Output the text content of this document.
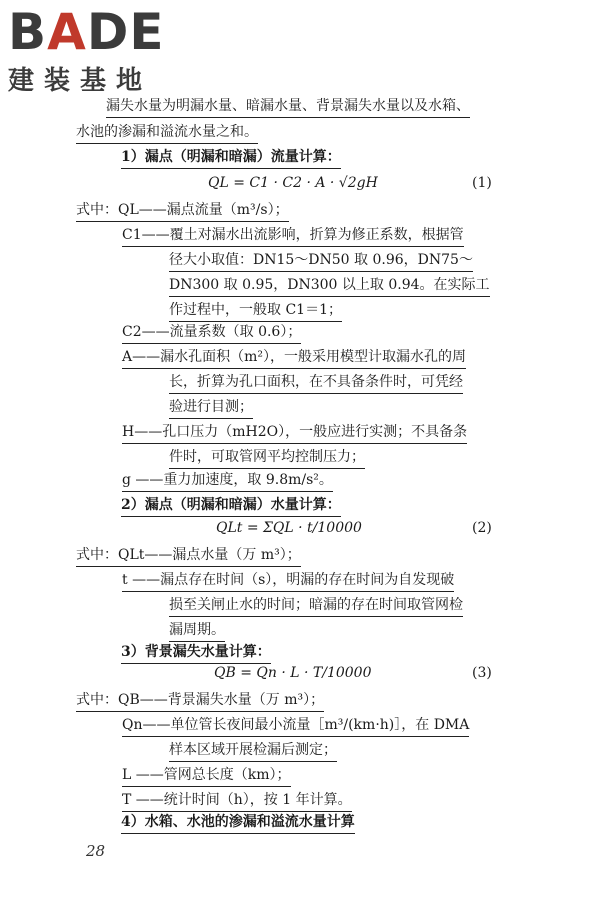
BADE
建装基地
漏失水量为明漏水量、暗漏水量、背景漏失水量以及水箱、
水池的渗漏和溢流水量之和。
1）漏点（明漏和暗漏）流量计算：
QL = C1 · C2 · A · √2gH	(1)
式中：QL——漏点流量（m³/s）；
C1——覆土对漏水出流影响，折算为修正系数，根据管
径大小取值：DN15～DN50 取 0.96，DN75～
DN300 取 0.95，DN300 以上取 0.94。在实际工
作过程中，一般取 C1＝1；
C2——流量系数（取 0.6）；
A——漏水孔面积（m²），一般采用模型计取漏水孔的周
长，折算为孔口面积，在不具备条件时，可凭经
验进行目测；
H——孔口压力（mH2O），一般应进行实测；不具备条
件时，可取管网平均控制压力；
g ——重力加速度，取 9.8m/s²。
2）漏点（明漏和暗漏）水量计算：
QLt = ΣQL · t/10000	(2)
式中：QLt——漏点水量（万 m³）；
t ——漏点存在时间（s），明漏的存在时间为自发现破
损至关闸止水的时间；暗漏的存在时间取管网检
漏周期。
3）背景漏失水量计算：
QB = Qn · L · T/10000	(3)
式中：QB——背景漏失水量（万 m³）；
Qn——单位管长夜间最小流量［m³/(km·h)］，在 DMA
样本区域开展检漏后测定；
L ——管网总长度（km）；
T ——统计时间（h），按 1 年计算。
4）水箱、水池的渗漏和溢流水量计算
28
